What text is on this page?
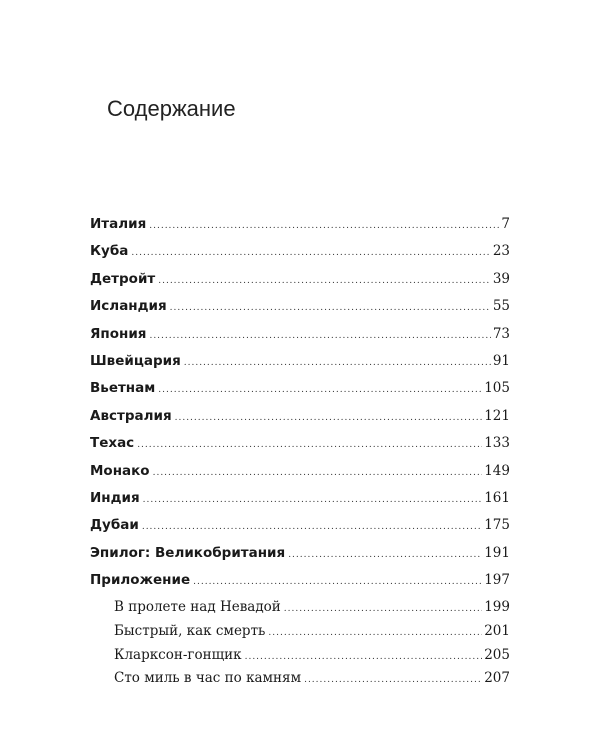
Содержание
Италия .....	7
Куба .....	23
Детройт .....	39
Исландия .....	55
Япония .....	73
Швейцария .....	91
Вьетнам .....	105
Австралия .....	121
Техас .....	133
Монако .....	149
Индия .....	161
Дубаи .....	175
Эпилог: Великобритания .....	191
Приложение .....	197
В пролете над Невадой .....	199
Быстрый, как смерть .....	201
Кларксон-гонщик .....	205
Сто миль в час по камням .....	207
